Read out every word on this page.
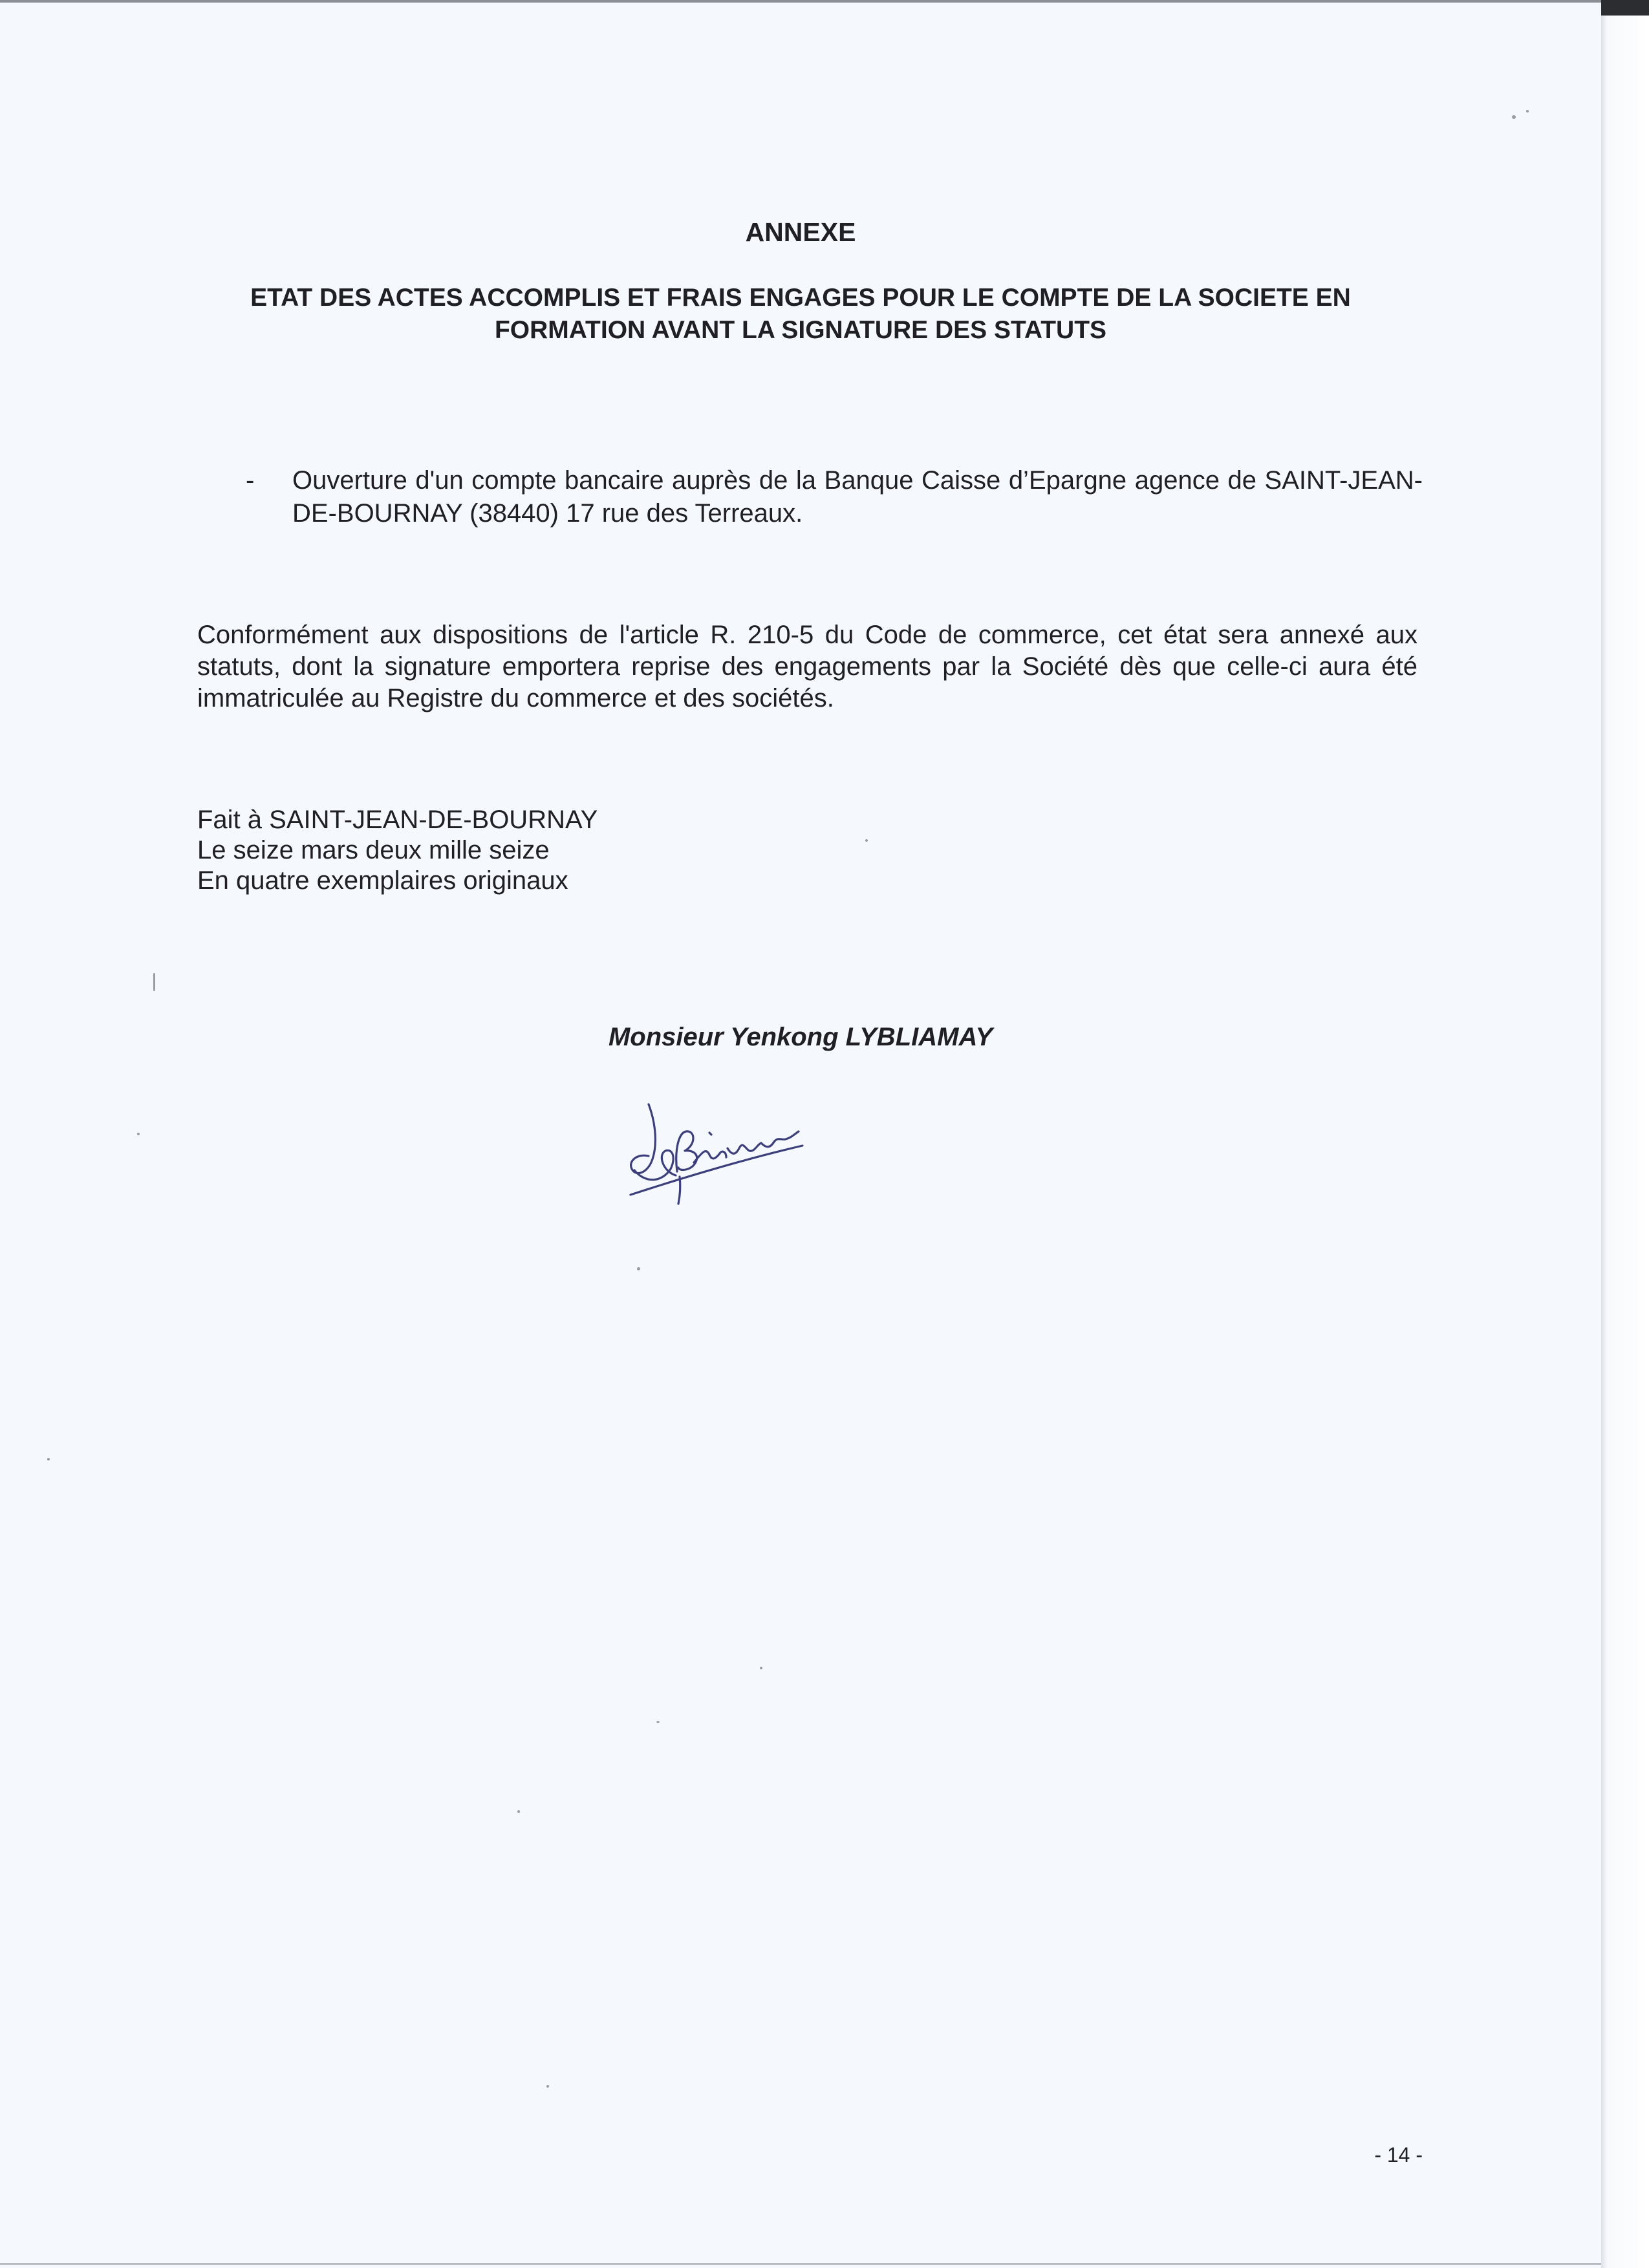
ANNEXE
ETAT DES ACTES ACCOMPLIS ET FRAIS ENGAGES POUR LE COMPTE DE LA SOCIETE EN
FORMATION AVANT LA SIGNATURE DES STATUTS
- Ouverture d'un compte bancaire auprès de la Banque Caisse d’Epargne agence de SAINT-JEAN-DE-BOURNAY (38440) 17 rue des Terreaux.

Conformément aux dispositions de l'article R. 210-5 du Code de commerce, cet état sera annexé aux statuts, dont la signature emportera reprise des engagements par la Société dès que celle-ci aura été immatriculée au Registre du commerce et des sociétés.

Fait à SAINT-JEAN-DE-BOURNAY
Le seize mars deux mille seize
En quatre exemplaires originaux
Monsieur Yenkong LYBLIAMAY
- 14 -
